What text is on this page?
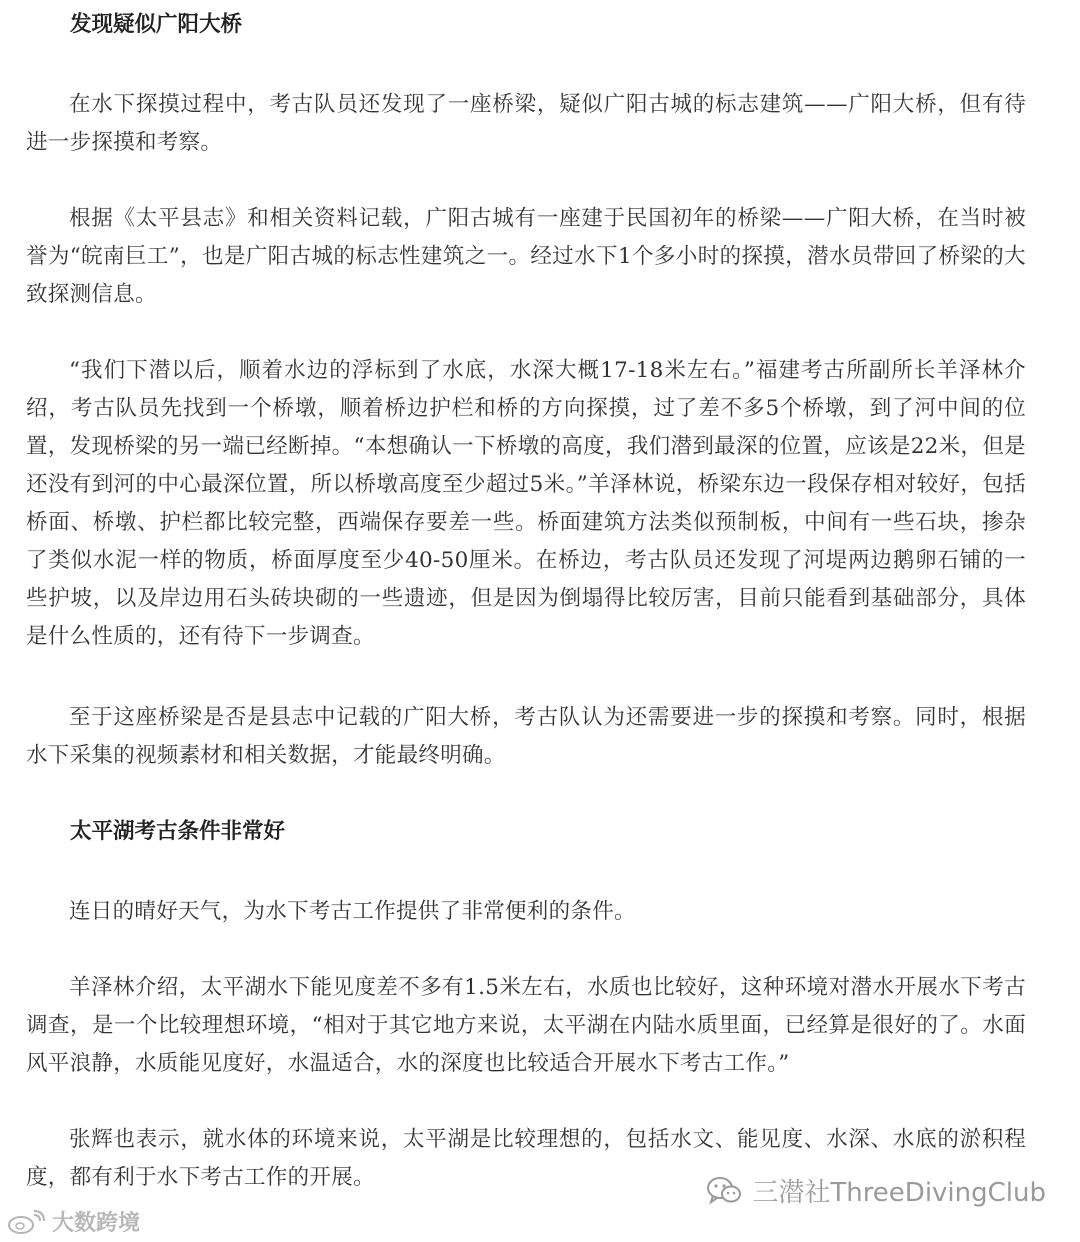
发现疑似广阳大桥

在水下探摸过程中，考古队员还发现了一座桥梁，疑似广阳古城的标志建筑——广阳大桥，但有待进一步探摸和考察。

根据《太平县志》和相关资料记载，广阳古城有一座建于民国初年的桥梁——广阳大桥，在当时被誉为“皖南巨工”，也是广阳古城的标志性建筑之一。经过水下1个多小时的探摸，潜水员带回了桥梁的大致探测信息。

“我们下潜以后，顺着水边的浮标到了水底，水深大概17-18米左右。”福建考古所副所长羊泽林介绍，考古队员先找到一个桥墩，顺着桥边护栏和桥的方向探摸，过了差不多5个桥墩，到了河中间的位置，发现桥梁的另一端已经断掉。“本想确认一下桥墩的高度，我们潜到最深的位置，应该是22米，但是还没有到河的中心最深位置，所以桥墩高度至少超过5米。”羊泽林说，桥梁东边一段保存相对较好，包括桥面、桥墩、护栏都比较完整，西端保存要差一些。桥面建筑方法类似预制板，中间有一些石块，掺杂了类似水泥一样的物质，桥面厚度至少40-50厘米。在桥边，考古队员还发现了河堤两边鹅卵石铺的一些护坡，以及岸边用石头砖块砌的一些遗迹，但是因为倒塌得比较厉害，目前只能看到基础部分，具体是什么性质的，还有待下一步调查。

至于这座桥梁是否是县志中记载的广阳大桥，考古队认为还需要进一步的探摸和考察。同时，根据水下采集的视频素材和相关数据，才能最终明确。

太平湖考古条件非常好

连日的晴好天气，为水下考古工作提供了非常便利的条件。

羊泽林介绍，太平湖水下能见度差不多有1.5米左右，水质也比较好，这种环境对潜水开展水下考古调查，是一个比较理想环境，“相对于其它地方来说，太平湖在内陆水质里面，已经算是很好的了。水面风平浪静，水质能见度好，水温适合，水的深度也比较适合开展水下考古工作。”

张辉也表示，就水体的环境来说，太平湖是比较理想的，包括水文、能见度、水深、水底的淤积程度，都有利于水下考古工作的开展。

三潜社ThreeDivingClub
大数跨境
